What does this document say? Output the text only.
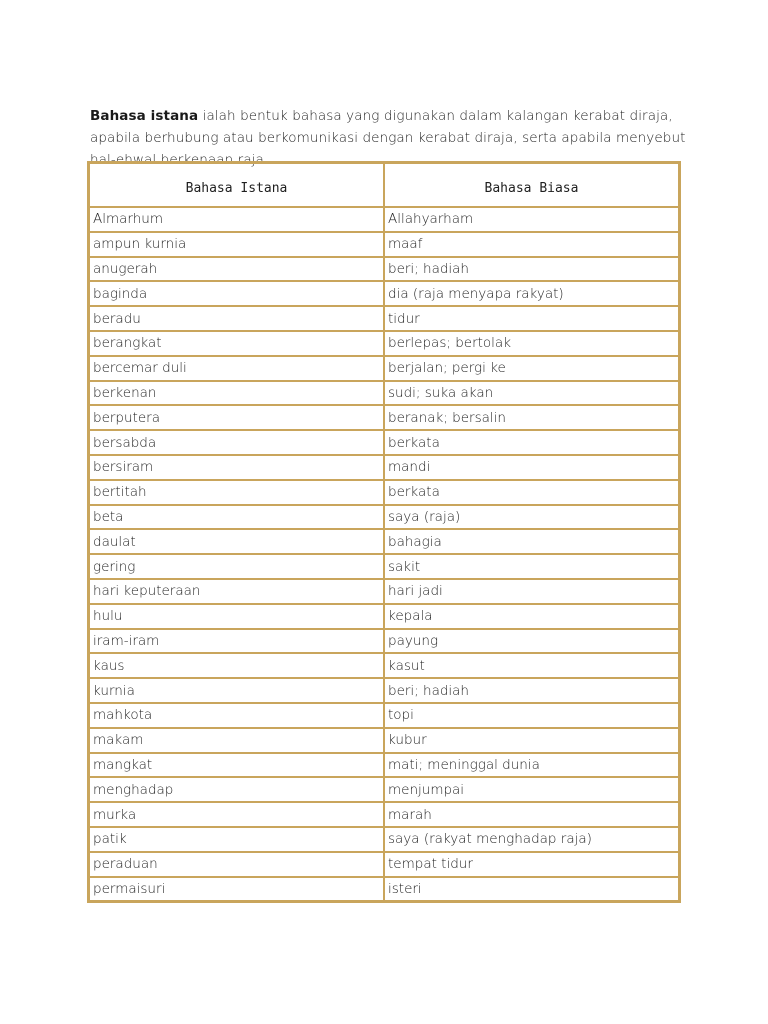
Bahasa istana ialah bentuk bahasa yang digunakan dalam kalangan kerabat diraja, apabila berhubung atau berkomunikasi dengan kerabat diraja, serta apabila menyebut hal-ehwal berkenaan raja.

Bahasa Istana	Bahasa Biasa
Almarhum	Allahyarham
ampun kurnia	maaf
anugerah	beri; hadiah
baginda	dia (raja menyapa rakyat)
beradu	tidur
berangkat	berlepas; bertolak
bercemar duli	berjalan; pergi ke
berkenan	sudi; suka akan
berputera	beranak; bersalin
bersabda	berkata
bersiram	mandi
bertitah	berkata
beta	saya (raja)
daulat	bahagia
gering	sakit
hari keputeraan	hari jadi
hulu	kepala
iram-iram	payung
kaus	kasut
kurnia	beri; hadiah
mahkota	topi
makam	kubur
mangkat	mati; meninggal dunia
menghadap	menjumpai
murka	marah
patik	saya (rakyat menghadap raja)
peraduan	tempat tidur
permaisuri	isteri
